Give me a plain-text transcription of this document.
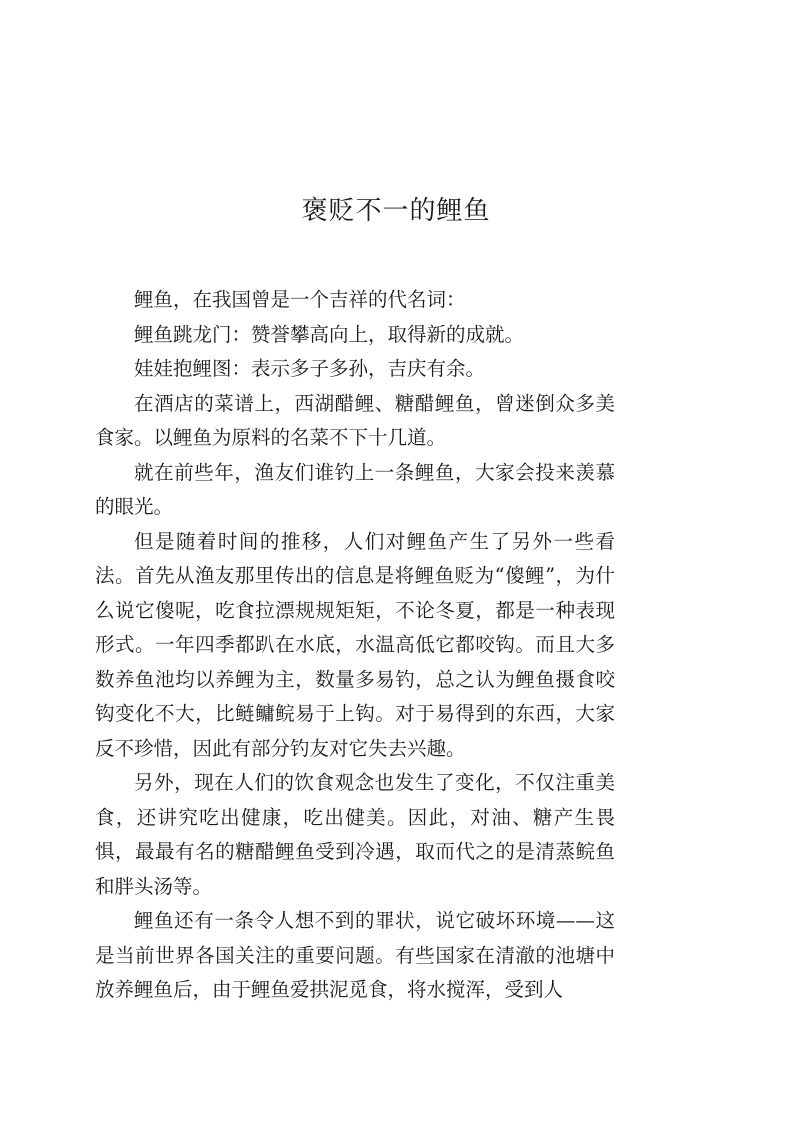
褒贬不一的鲤鱼

鲤鱼，在我国曾是一个吉祥的代名词：

鲤鱼跳龙门：赞誉攀高向上，取得新的成就。

娃娃抱鲤图：表示多子多孙，吉庆有余。

在酒店的菜谱上，西湖醋鲤、糖醋鲤鱼，曾迷倒众多美食家。以鲤鱼为原料的名菜不下十几道。

就在前些年，渔友们谁钓上一条鲤鱼，大家会投来羡慕的眼光。

但是随着时间的推移，人们对鲤鱼产生了另外一些看法。首先从渔友那里传出的信息是将鲤鱼贬为“傻鲤”，为什么说它傻呢，吃食拉漂规规矩矩，不论冬夏，都是一种表现形式。一年四季都趴在水底，水温高低它都咬钩。而且大多数养鱼池均以养鲤为主，数量多易钓，总之认为鲤鱼摄食咬钩变化不大，比鲢鳙鲩易于上钩。对于易得到的东西，大家反不珍惜，因此有部分钓友对它失去兴趣。

另外，现在人们的饮食观念也发生了变化，不仅注重美食，还讲究吃出健康，吃出健美。因此，对油、糖产生畏惧，最最有名的糖醋鲤鱼受到冷遇，取而代之的是清蒸鲩鱼和胖头汤等。

鲤鱼还有一条令人想不到的罪状，说它破坏环境——这是当前世界各国关注的重要问题。有些国家在清澈的池塘中放养鲤鱼后，由于鲤鱼爱拱泥觅食，将水搅浑，受到人
